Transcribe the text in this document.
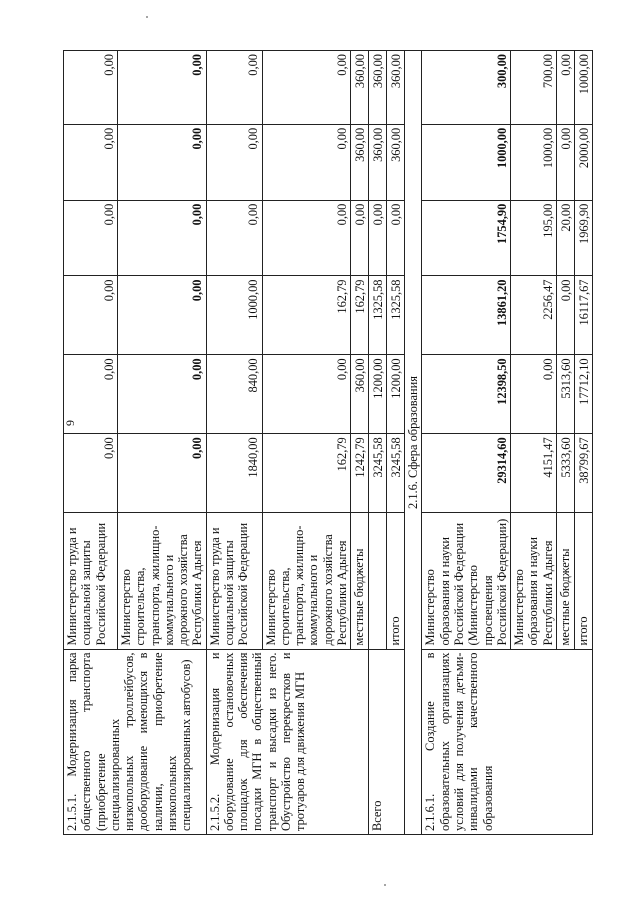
9
2.1.5.1. Модернизация парка общественного транспорта (приобретение специализированных низкопольных троллейбусов, дооборудование имеющихся в наличии, приобретение низкопольных специализированных автобусов)	Министерство труда и социальной защиты Российской Федерации	0,00	0,00	0,00	0,00	0,00	0,00
	Министерство строительства, транспорта, жилищно-коммунального и дорожного хозяйства Республики Адыгея	0,00	0,00	0,00	0,00	0,00	0,00
2.1.5.2. Модернизация и оборудование остановочных площадок для обеспечения посадки МГН в общественный транспорт и высадки из него. Обустройство перекрестков и тротуаров для движения МГН	Министерство труда и социальной защиты Российской Федерации	1840,00	840,00	1000,00	0,00	0,00	0,00
	Министерство строительства, транспорта, жилищно-коммунального и дорожного хозяйства Республики Адыгея	162,79	0,00	162,79	0,00	0,00	0,00
	местные бюджеты	1242,79	360,00	162,79	0,00	360,00	360,00
Всего		3245,58	1200,00	1325,58	0,00	360,00	360,00
	итого	3245,58	1200,00	1325,58	0,00	360,00	360,00
2.1.6. Сфера образования							
2.1.6.1. Создание в образовательных организациях условий для получения детьми-инвалидами качественного образования	Министерство образования и науки Российской Федерации (Министерство просвещения Российской Федерации)	29314,60	12398,50	13861,20	1754,90	1000,00	300,00
	Министерство образования и науки Республики Адыгея	4151,47	0,00	2256,47	195,00	1000,00	700,00
	местные бюджеты	5333,60	5313,60	0,00	20,00	0,00	0,00
	итого	38799,67	17712,10	16117,67	1969,90	2000,00	1000,00
